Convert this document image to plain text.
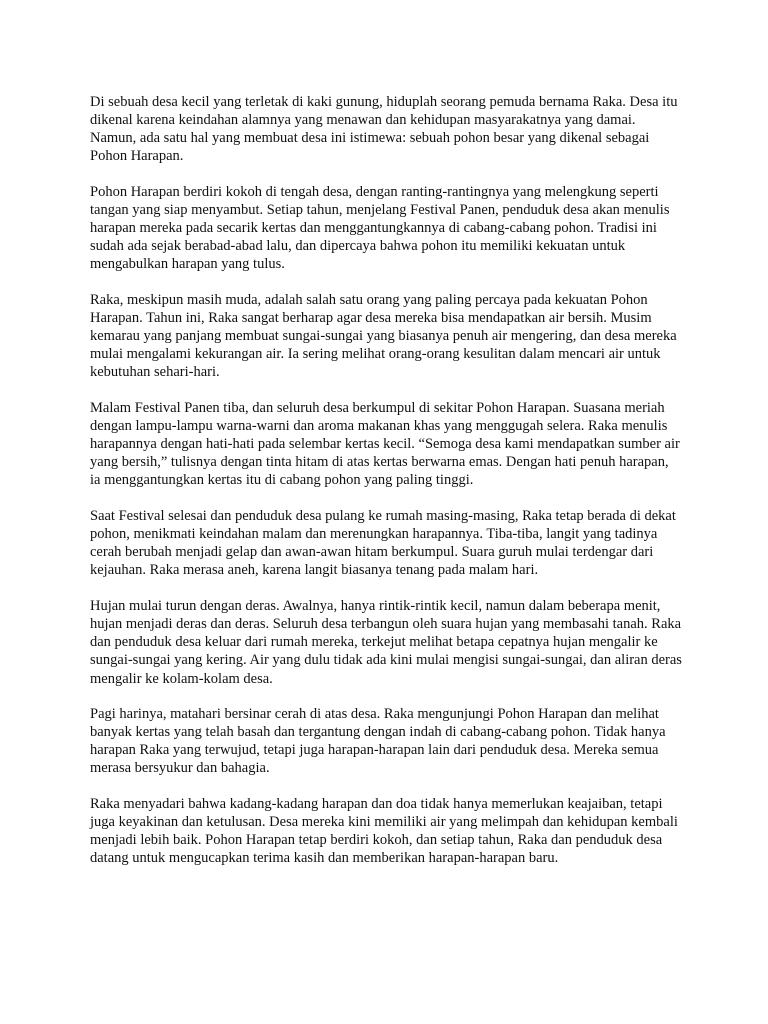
Di sebuah desa kecil yang terletak di kaki gunung, hiduplah seorang pemuda bernama Raka. Desa itu dikenal karena keindahan alamnya yang menawan dan kehidupan masyarakatnya yang damai. Namun, ada satu hal yang membuat desa ini istimewa: sebuah pohon besar yang dikenal sebagai Pohon Harapan.

Pohon Harapan berdiri kokoh di tengah desa, dengan ranting-rantingnya yang melengkung seperti tangan yang siap menyambut. Setiap tahun, menjelang Festival Panen, penduduk desa akan menulis harapan mereka pada secarik kertas dan menggantungkannya di cabang-cabang pohon. Tradisi ini sudah ada sejak berabad-abad lalu, dan dipercaya bahwa pohon itu memiliki kekuatan untuk mengabulkan harapan yang tulus.

Raka, meskipun masih muda, adalah salah satu orang yang paling percaya pada kekuatan Pohon Harapan. Tahun ini, Raka sangat berharap agar desa mereka bisa mendapatkan air bersih. Musim kemarau yang panjang membuat sungai-sungai yang biasanya penuh air mengering, dan desa mereka mulai mengalami kekurangan air. Ia sering melihat orang-orang kesulitan dalam mencari air untuk kebutuhan sehari-hari.

Malam Festival Panen tiba, dan seluruh desa berkumpul di sekitar Pohon Harapan. Suasana meriah dengan lampu-lampu warna-warni dan aroma makanan khas yang menggugah selera. Raka menulis harapannya dengan hati-hati pada selembar kertas kecil. “Semoga desa kami mendapatkan sumber air yang bersih,” tulisnya dengan tinta hitam di atas kertas berwarna emas. Dengan hati penuh harapan, ia menggantungkan kertas itu di cabang pohon yang paling tinggi.

Saat Festival selesai dan penduduk desa pulang ke rumah masing-masing, Raka tetap berada di dekat pohon, menikmati keindahan malam dan merenungkan harapannya. Tiba-tiba, langit yang tadinya cerah berubah menjadi gelap dan awan-awan hitam berkumpul. Suara guruh mulai terdengar dari kejauhan. Raka merasa aneh, karena langit biasanya tenang pada malam hari.

Hujan mulai turun dengan deras. Awalnya, hanya rintik-rintik kecil, namun dalam beberapa menit, hujan menjadi deras dan deras. Seluruh desa terbangun oleh suara hujan yang membasahi tanah. Raka dan penduduk desa keluar dari rumah mereka, terkejut melihat betapa cepatnya hujan mengalir ke sungai-sungai yang kering. Air yang dulu tidak ada kini mulai mengisi sungai-sungai, dan aliran deras mengalir ke kolam-kolam desa.

Pagi harinya, matahari bersinar cerah di atas desa. Raka mengunjungi Pohon Harapan dan melihat banyak kertas yang telah basah dan tergantung dengan indah di cabang-cabang pohon. Tidak hanya harapan Raka yang terwujud, tetapi juga harapan-harapan lain dari penduduk desa. Mereka semua merasa bersyukur dan bahagia.

Raka menyadari bahwa kadang-kadang harapan dan doa tidak hanya memerlukan keajaiban, tetapi juga keyakinan dan ketulusan. Desa mereka kini memiliki air yang melimpah dan kehidupan kembali menjadi lebih baik. Pohon Harapan tetap berdiri kokoh, dan setiap tahun, Raka dan penduduk desa datang untuk mengucapkan terima kasih dan memberikan harapan-harapan baru.
